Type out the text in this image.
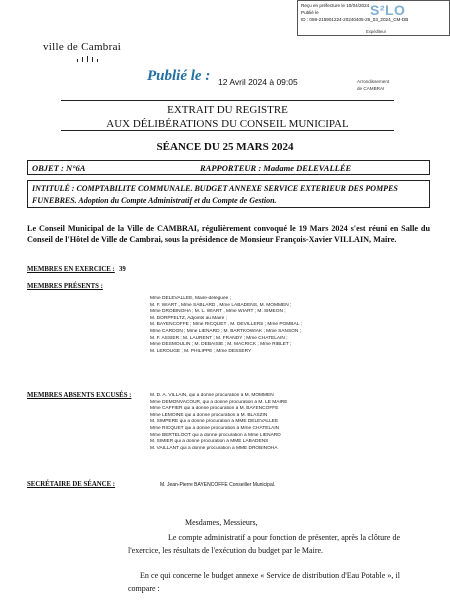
Reçu en préfecture le 10/04/2024
Publié le
ID : 059-215901224-20240405-25_03_2024_CM-DB
S²LO
Expéditeur
ville de Cambrai
Publié le : 12 Avril 2024 à 09:05	Arrondissement
de CAMBRAI
EXTRAIT DU REGISTRE
AUX DÉLIBÉRATIONS DU CONSEIL MUNICIPAL
SÉANCE DU 25 MARS 2024
OBJET : N°6A	RAPPORTEUR : Madame DELEVALLÉE
INTITULÉ : COMPTABILITE COMMUNALE. BUDGET ANNEXE SERVICE EXTERIEUR DES POMPES FUNEBRES. Adoption du Compte Administratif et du Compte de Gestion.
Le Conseil Municipal de la Ville de CAMBRAI, régulièrement convoqué le 19 Mars 2024 s'est réuni en Salle du Conseil de l'Hôtel de Ville de Cambrai, sous la présidence de Monsieur François-Xavier VILLAIN, Maire.
MEMBRES EN EXERCICE : 39
MEMBRES PRÉSENTS :
Mme DELEVALLÉE, Maire-déléguée ;
M. F. WIART , Mme SABLARD , Mme LABADENS, M. MOMMEN ;
Mme DROBINOHA ; M. L. WIART , Mme WIART ; M. SIMÉON ;
M. DORPFELTZ, Adjoints au Maire ;
M. BAYENCOFFE ; Mme RICQUET , M. DEVILLERS ; Mme POMBAL ;
Mme CARDON ; Mme LIENARD ; M. BARTKOWIAK ; Mme SANSON ;
M. F. ASSIER ; M. LAURENT ; M. FRANDY ; Mme CHATELAIN ;
Mme DESMOULIN ; M. DEBAISIE ; M. MACRICK ; Mme RIBLET ;
M. LEROUGE ; M. PHILIPPE ; Mme DESSERY
MEMBRES ABSENTS EXCUSÉS :	M. D. A. VILLAIN, qui a donné procuration à M. MOMMEN
Mme DEMONVACOUR, qui a donné procuration à M. LE MAIRE
Mme CAFFIER qui a donné procuration à M. BAYENCOFFE
Mme LEMOINE qui a donné procuration à M. BLASZIN
M. SIMPERE qui a donné procuration à MME DELEVALLEE
Mme RICQUET qui a donné procuration à Mme CHATELAIN
Mme BERTELOOT qui a donné procuration à Mme LIENARD
M. SIMIER qui a donné procuration à MME LABADENS
M. VAILLANT qui a donné procuration à MME DROBINOHA
SECRÉTAIRE DE SÉANCE :	M. Jean-Pierre BAYENCOFFE Conseiller Municipal.
Mesdames, Messieurs,
Le compte administratif a pour fonction de présenter, après la clôture de l'exercice, les résultats de l'exécution du budget par le Maire.
En ce qui concerne le budget annexe « Service de distribution d'Eau Potable », il compare :
